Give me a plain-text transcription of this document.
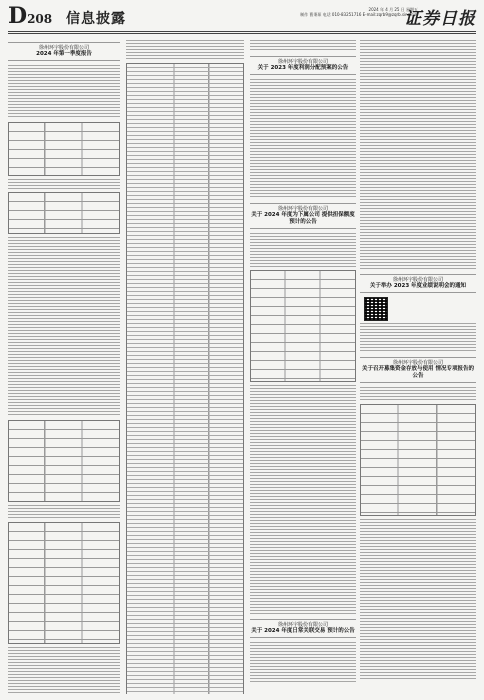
D208 信息披露
2024 年 4 月 25 日 星期五
制作 曹秉琛 电话 010-83251716 E-mail:zqrb9@zqrb.sina.net
证券日报
徐州环宇股份有限公司
2024 年第一季度报告
徐州环宇股份有限公司
关于 2023 年度利润分配预案的公告
徐州环宇股份有限公司
关于 2024 年度为下属公司 提供担保额度预计的公告
徐州环宇股份有限公司
关于 2024 年度日常关联交易 预计的公告
徐州环宇股份有限公司
关于举办 2023 年度业绩说明会的通知
徐州环宇股份有限公司
关于召开募集资金存放与使用 情况专项报告的公告
